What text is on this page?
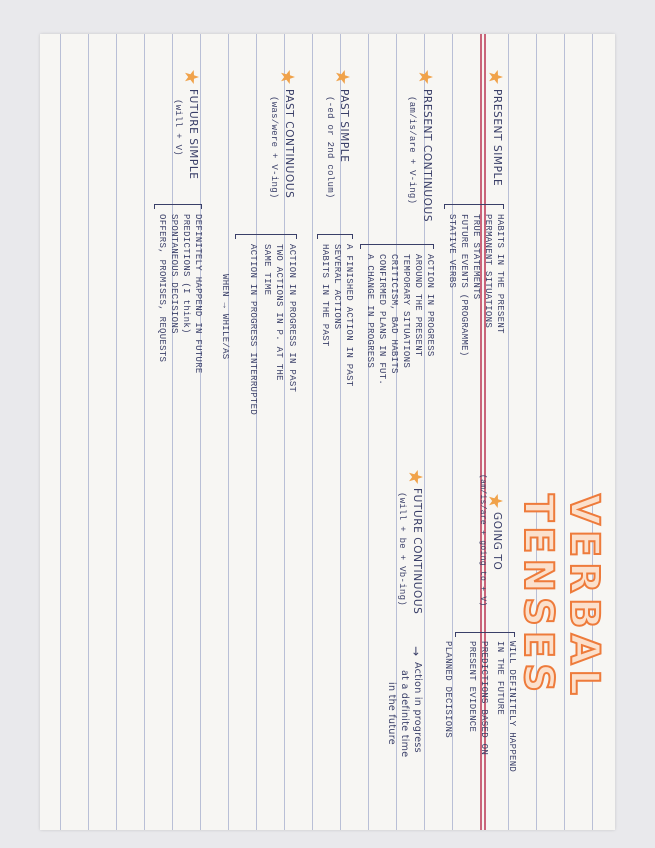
VERBAL TENSES
PRESENT SIMPLE
HABITS IN THE PRESENT
PERMANENT SITUATIONS
TRUE STATEMENTS
FUTURE EVENTS (PROGRAMME)
STATIVE VERBS
PRESENT CONTINUOUS
(am/is/are + V-ing)
ACTION IN PROGRESS
AROUND THE PRESENT
TEMPORARY SITUATIONS
CRITICISM, BAD HABITS
CONFIRMED PLANS IN FUT.
A CHANGE IN PROGRESS
PAST SIMPLE
(-ed or 2nd colum)
A FINISHED ACTION IN PAST
SEVERAL ACTIONS
HABITS IN THE PAST
PAST CONTINUOUS
(was/were + V-ing)
ACTION IN PROGRESS IN PAST
TWO ACTIONS IN P. AT THE
SAME TIME
ACTION IN PROGRESS INTERRUPTED
WHEN → WHILE/AS
FUTURE SIMPLE
(will + V)
DEFINITELY HAPPEND IN FUTURE
PREDICTIONS (I think)
SPONTANEOUS DECISIONS
OFFERS, PROMISES, REQUESTS
GOING TO
(am/is/are + going to + V)
WILL DEFINITELY HAPPEND
IN THE FUTURE
PREDICTIONS BASED ON
PRESENT EVIDENCE
PLANNED DECISIONS
FUTURE CONTINUOUS
(will + be + Vb-ing)
→
Action in progress
at a definite time
in the future
